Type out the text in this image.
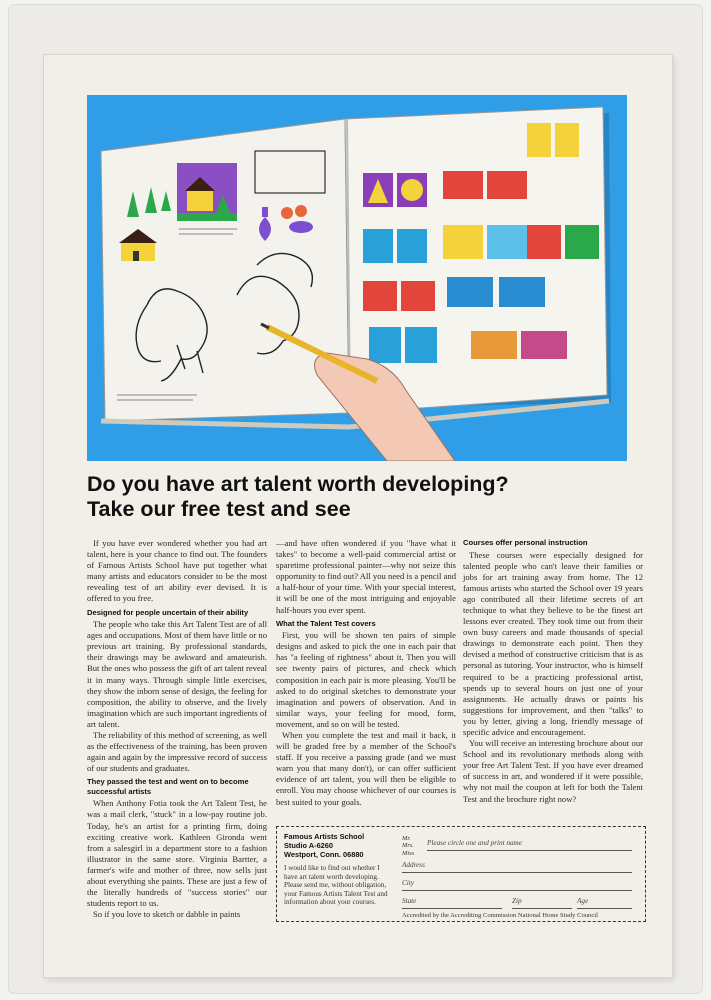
Do you have art talent worth developing?
Take our free test and see

If you have ever wondered whether you had art talent, here is your chance to find out. The founders of Famous Artists School have put together what many artists and educators consider to be the most revealing test of art ability ever devised. It is offered to you free.

Designed for people uncertain of their ability

The people who take this Art Talent Test are of all ages and occupations. Most of them have little or no previous art training. By professional standards, their drawings may be awkward and amateurish. But the ones who possess the gift of art talent reveal it in many ways. Through simple little exercises, they show the inborn sense of design, the feeling for composition, the ability to observe, and the lively imagination which are such important ingredients of art talent.

The reliability of this method of screening, as well as the effectiveness of the training, has been proven again and again by the impressive record of success of our students and graduates.

They passed the test and went on to become successful artists

When Anthony Fotia took the Art Talent Test, he was a mail clerk, "stuck" in a low-pay routine job. Today, he's an artist for a printing firm, doing exciting creative work. Kathleen Gironda went from a salesgirl in a department store to a fashion illustrator in the same store. Virginia Bartter, a farmer's wife and mother of three, now sells just about everything she paints. These are just a few of the literally hundreds of "success stories" our students report to us.

So if you love to sketch or dabble in paints

—and have often wondered if you "have what it takes" to become a well-paid commercial artist or sparetime professional painter—why not seize this opportunity to find out? All you need is a pencil and a half-hour of your time. With your special interest, it will be one of the most intriguing and enjoyable half-hours you ever spent.

What the Talent Test covers

First, you will be shown ten pairs of simple designs and asked to pick the one in each pair that has "a feeling of rightness" about it. Then you will see twenty pairs of pictures, and check which composition in each pair is more pleasing. You'll be asked to do original sketches to demonstrate your imagination and powers of observation. And in similar ways, your feeling for mood, form, movement, and so on will be tested.

When you complete the test and mail it back, it will be graded free by a member of the School's staff. If you receive a passing grade (and we must warn you that many don't), or can offer sufficient evidence of art talent, you will then be eligible to enroll. You may choose whichever of our courses is best suited to your goals.

Courses offer personal instruction

These courses were especially designed for talented people who can't leave their families or jobs for art training away from home. The 12 famous artists who started the School over 19 years ago contributed all their lifetime secrets of art technique to what they believe to be the finest art lessons ever created. They took time out from their own busy careers and made thousands of special drawings to demonstrate each point. Then they devised a method of constructive criticism that is as personal as tutoring. Your instructor, who is himself required to be a practicing professional artist, spends up to several hours on just one of your assignments. He actually draws or paints his suggestions for improvement, and then "talks" to you by letter, giving a long, friendly message of specific advice and encouragement.

You will receive an interesting brochure about our School and its revolutionary methods along with your free Art Talent Test. If you have ever dreamed of success in art, and wondered if it were possible, why not mail the coupon at left for both the Talent Test and the brochure right now?

Famous Artists School
Studio A-6260
Westport, Conn. 06880
I would like to find out whether I have art talent worth developing. Please send me, without obligation, your Famous Artists Talent Test and information about your courses.
Mr. Mrs. Miss
Please circle one and print name
Address
City
State	Zip	Age
Accredited by the Accrediting Commission National Home Study Council
